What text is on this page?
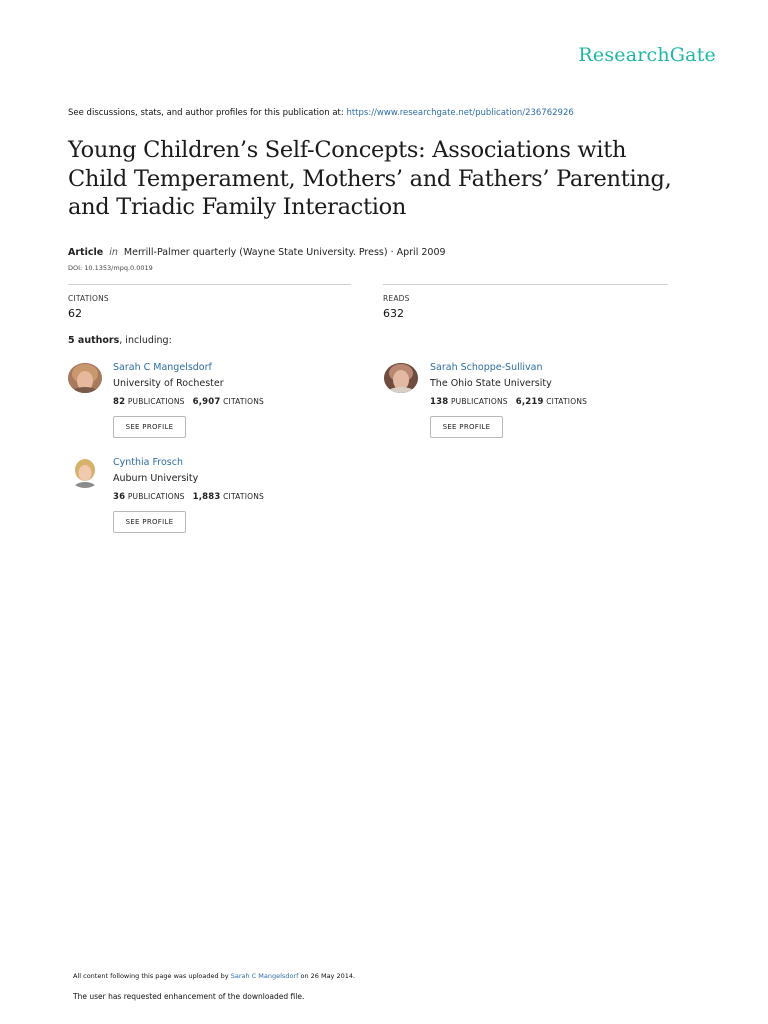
ResearchGate
See discussions, stats, and author profiles for this publication at: https://www.researchgate.net/publication/236762926
Young Children’s Self-Concepts: Associations with
Child Temperament, Mothers’ and Fathers’ Parenting,
and Triadic Family Interaction
Article in Merrill-Palmer quarterly (Wayne State University. Press) · April 2009
DOI: 10.1353/mpq.0.0019
CITATIONS
62
READS
632
5 authors, including:
Sarah C Mangelsdorf
University of Rochester
82 PUBLICATIONS 6,907 CITATIONS
SEE PROFILE
Sarah Schoppe-Sullivan
The Ohio State University
138 PUBLICATIONS 6,219 CITATIONS
SEE PROFILE
Cynthia Frosch
Auburn University
36 PUBLICATIONS 1,883 CITATIONS
SEE PROFILE
All content following this page was uploaded by Sarah C Mangelsdorf on 26 May 2014.
The user has requested enhancement of the downloaded file.
